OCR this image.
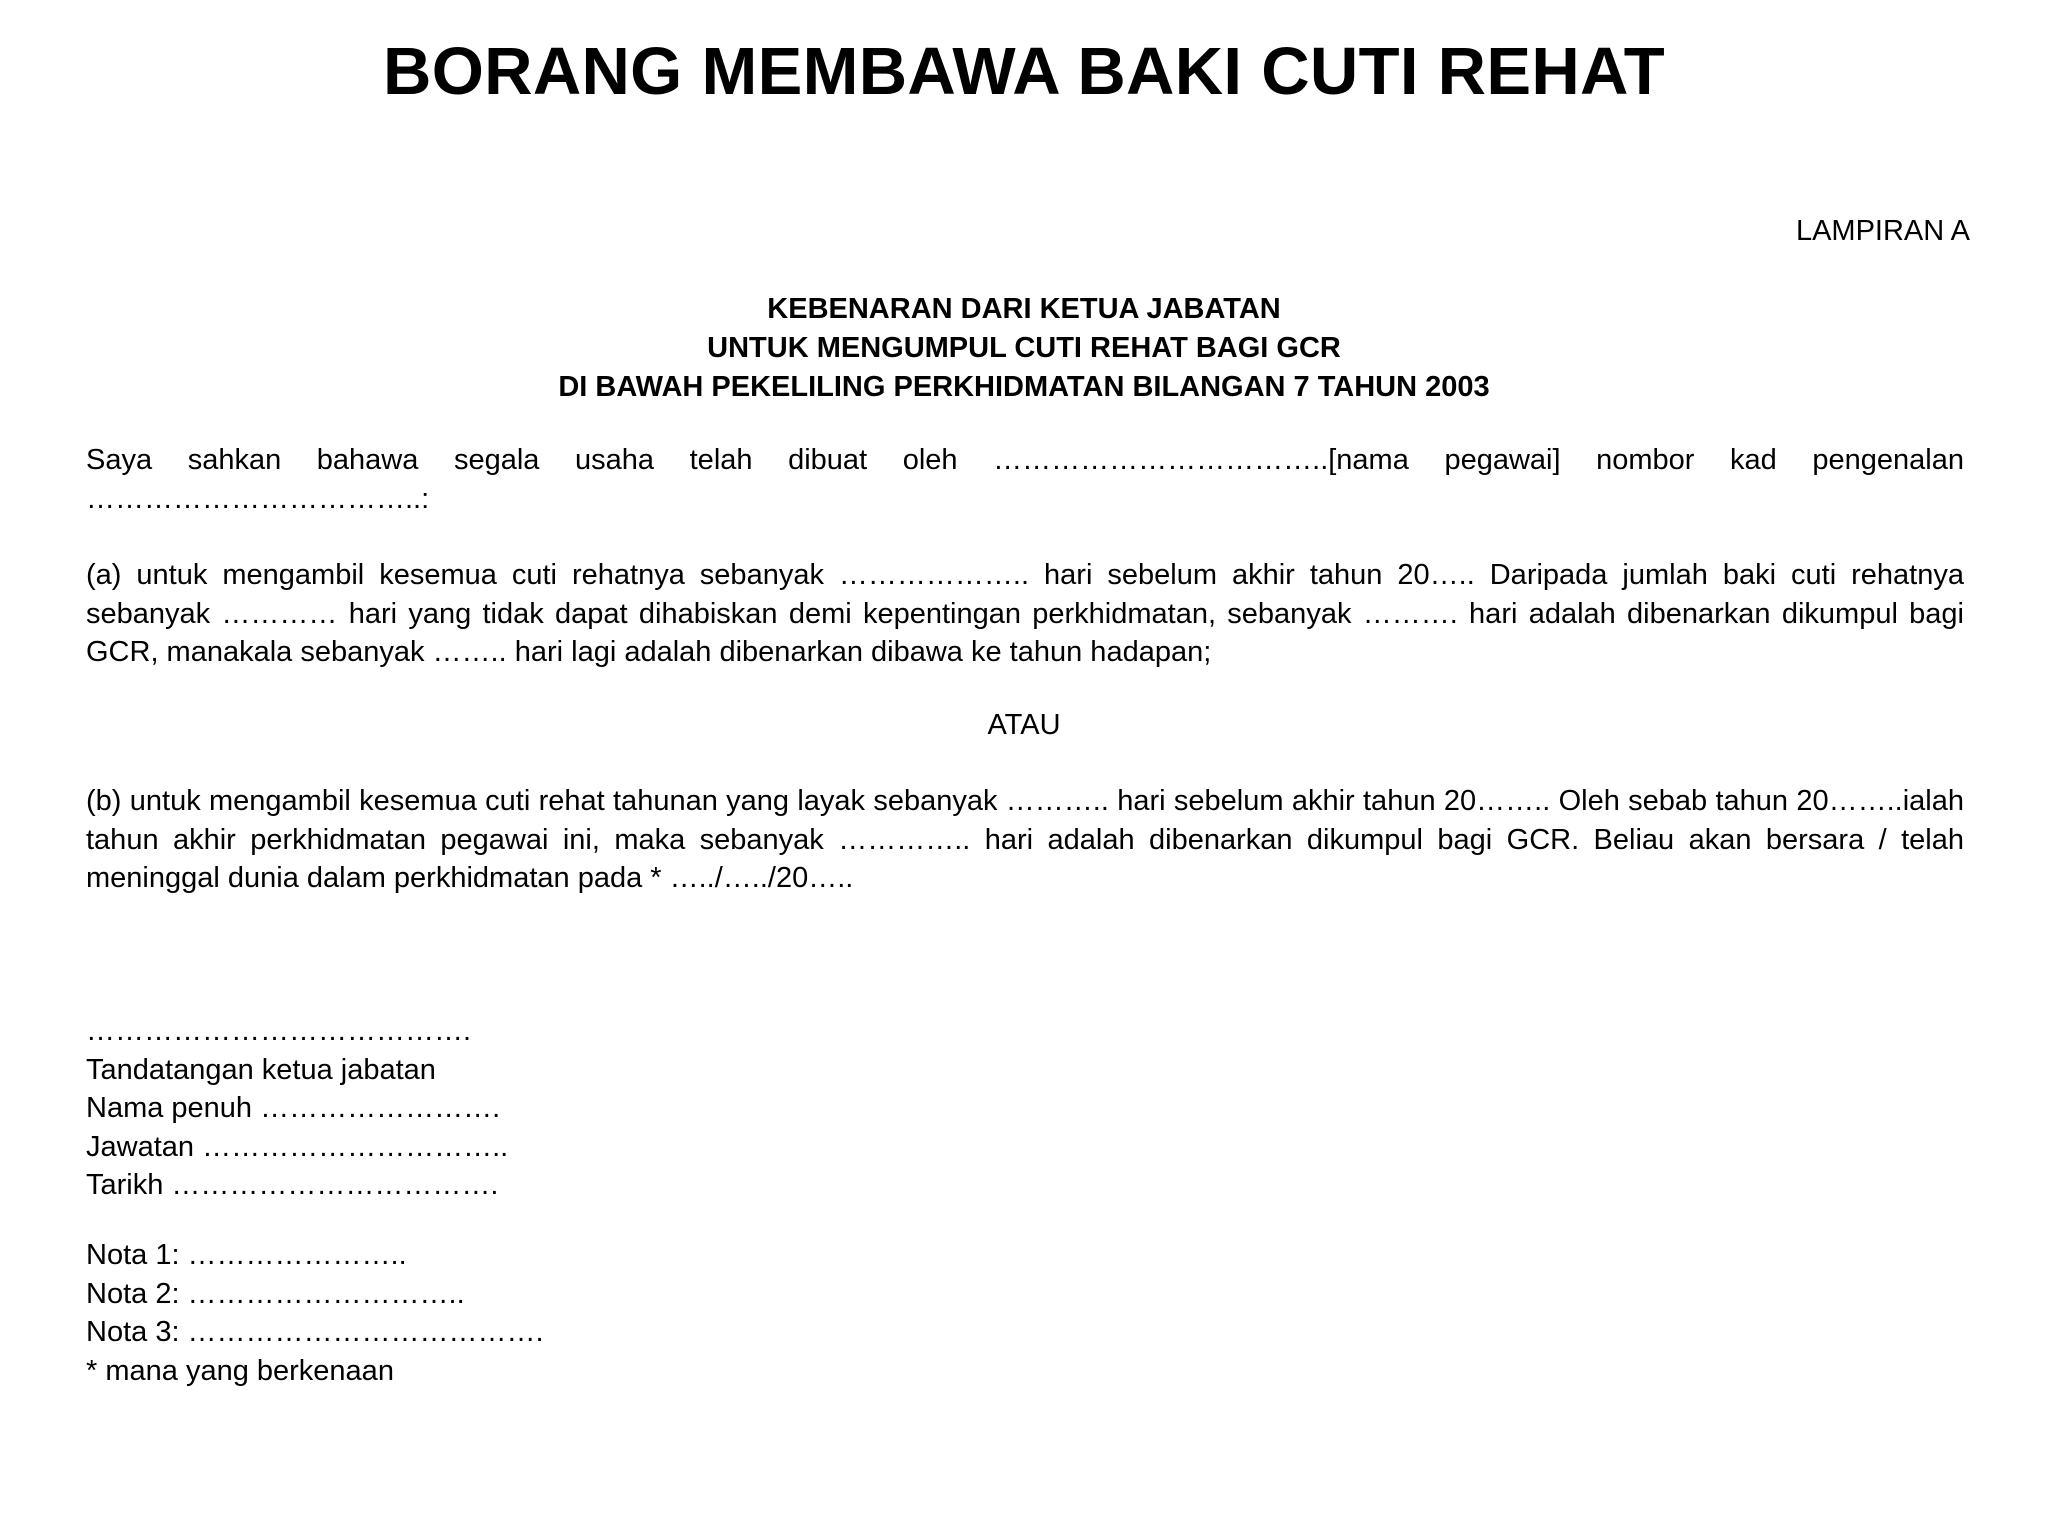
BORANG MEMBAWA BAKI CUTI REHAT
LAMPIRAN A
KEBENARAN DARI KETUA JABATAN
UNTUK MENGUMPUL CUTI REHAT BAGI GCR
DI BAWAH PEKELILING PERKHIDMATAN BILANGAN 7 TAHUN 2003
Saya sahkan bahawa segala usaha telah dibuat oleh ……………………………..[nama pegawai] nombor kad pengenalan ……………………………..:
(a) untuk mengambil kesemua cuti rehatnya sebanyak ……………….. hari sebelum akhir tahun 20….. Daripada jumlah baki cuti rehatnya sebanyak ………… hari yang tidak dapat dihabiskan demi kepentingan perkhidmatan, sebanyak ………. hari adalah dibenarkan dikumpul bagi GCR, manakala sebanyak …….. hari lagi adalah dibenarkan dibawa ke tahun hadapan;
ATAU
(b) untuk mengambil kesemua cuti rehat tahunan yang layak sebanyak ……….. hari sebelum akhir tahun 20…….. Oleh sebab tahun 20……..ialah tahun akhir perkhidmatan pegawai ini, maka sebanyak ………….. hari adalah dibenarkan dikumpul bagi GCR. Beliau akan bersara / telah meninggal dunia dalam perkhidmatan pada * …../…../20…..
………………………………….
Tandatangan ketua jabatan
Nama penuh …………………….
Jawatan …………………………..
Tarikh …………………………….
Nota 1: …………………..
Nota 2: ………………………..
Nota 3: ……………………………….
* mana yang berkenaan
